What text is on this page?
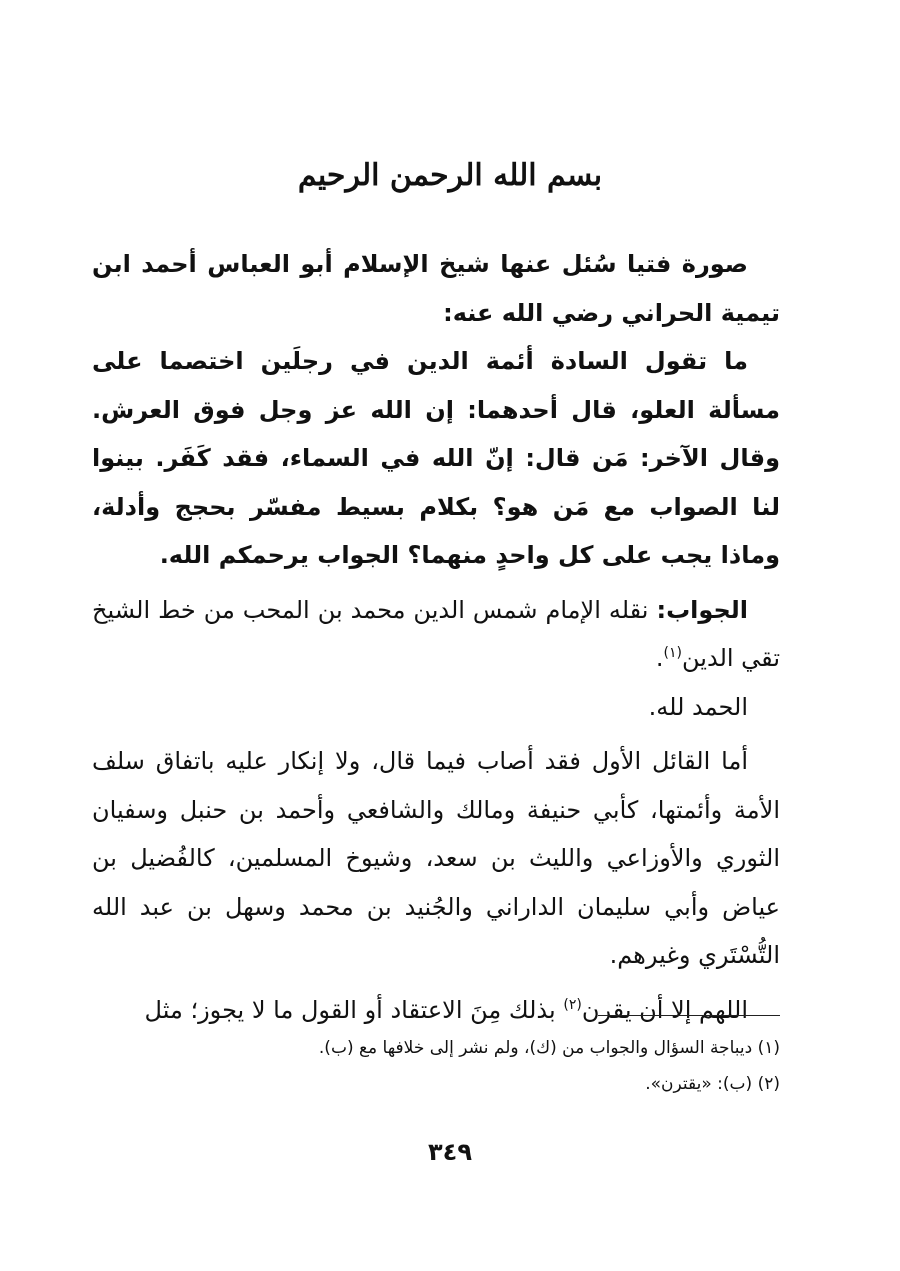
بسم الله الرحمن الرحيم

صورة فتيا سُئل عنها شيخ الإسلام أبو العباس أحمد ابن تيمية الحراني رضي الله عنه:

ما تقول السادة أئمة الدين في رجلَين اختصما على مسألة العلو، قال أحدهما: إن الله عز وجل فوق العرش. وقال الآخر: مَن قال: إنّ الله في السماء، فقد كَفَر. بينوا لنا الصواب مع مَن هو؟ بكلام بسيط مفسّر بحجج وأدلة، وماذا يجب على كل واحدٍ منهما؟ الجواب يرحمكم الله.

الجواب: نقله الإمام شمس الدين محمد بن المحب من خط الشيخ تقي الدين$^{(١)}$.

الحمد لله.

أما القائل الأول فقد أصاب فيما قال، ولا إنكار عليه باتفاق سلف الأمة وأئمتها، كأبي حنيفة ومالك والشافعي وأحمد بن حنبل وسفيان الثوري والأوزاعي والليث بن سعد، وشيوخ المسلمين، كالفُضيل بن عياض وأبي سليمان الداراني والجُنيد بن محمد وسهل بن عبد الله التُّسْتَري وغيرهم.

اللهم إلا أن يقرن$^{(٢)}$ بذلك مِنَ الاعتقاد أو القول ما لا يجوز؛ مثل

(١) ديباجة السؤال والجواب من (ك)، ولم نشر إلى خلافها مع (ب).
(٢) (ب): «يقترن».
٣٤٩
